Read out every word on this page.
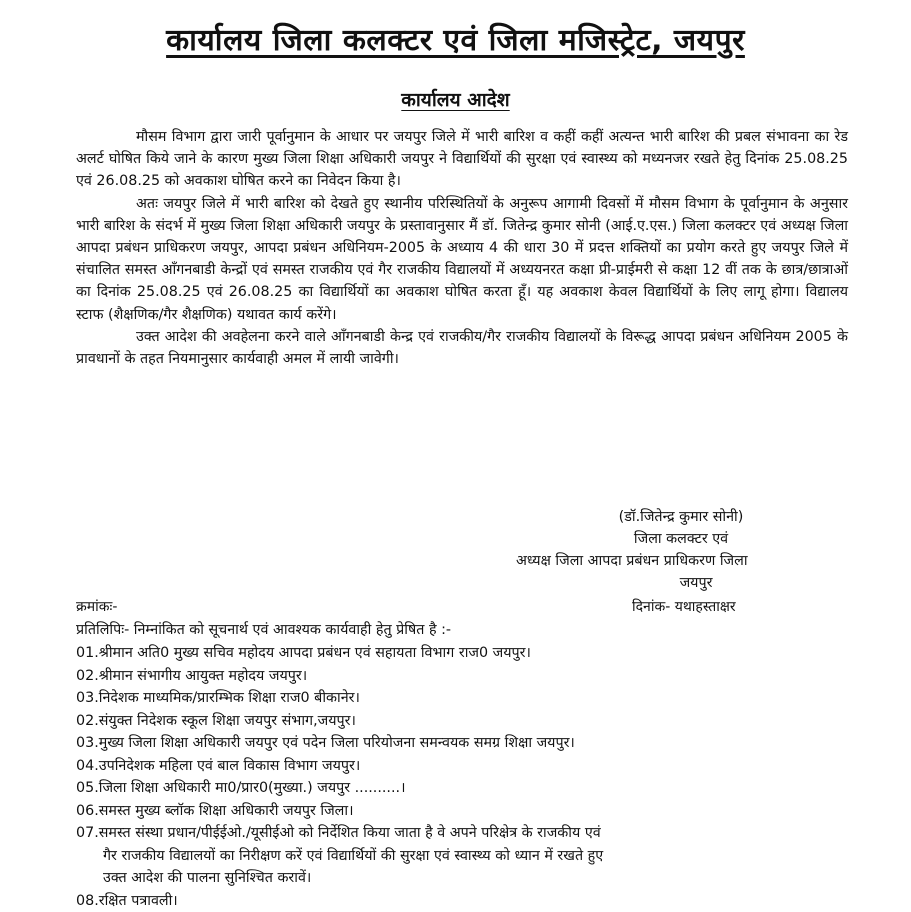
कार्यालय जिला कलक्टर एवं जिला मजिस्ट्रेट, जयपुर
कार्यालय आदेश

मौसम विभाग द्वारा जारी पूर्वानुमान के आधार पर जयपुर जिले में भारी बारिश व कहीं कहीं अत्यन्त भारी बारिश की प्रबल संभावना का रेड अलर्ट घोषित किये जाने के कारण मुख्य जिला शिक्षा अधिकारी जयपुर ने विद्यार्थियों की सुरक्षा एवं स्वास्थ्य को मध्यनजर रखते हेतु दिनांक 25.08.25 एवं 26.08.25 को अवकाश घोषित करने का निवेदन किया है।

अतः जयपुर जिले में भारी बारिश को देखते हुए स्थानीय परिस्थितियों के अनुरूप आगामी दिवसों में मौसम विभाग के पूर्वानुमान के अनुसार भारी बारिश के संदर्भ में मुख्य जिला शिक्षा अधिकारी जयपुर के प्रस्तावानुसार मैं डॉ. जितेन्द्र कुमार सोनी (आई.ए.एस.) जिला कलक्टर एवं अध्यक्ष जिला आपदा प्रबंधन प्राधिकरण जयपुर, आपदा प्रबंधन अधिनियम-2005 के अध्याय 4 की धारा 30 में प्रदत्त शक्तियों का प्रयोग करते हुए जयपुर जिले में संचालित समस्त आँगनबाडी केन्द्रों एवं समस्त राजकीय एवं गैर राजकीय विद्यालयों में अध्ययनरत कक्षा प्री-प्राईमरी से कक्षा 12 वीं तक के छात्र/छात्राओं का दिनांक 25.08.25 एवं 26.08.25 का विद्यार्थियों का अवकाश घोषित करता हूँ। यह अवकाश केवल विद्यार्थियों के लिए लागू होगा। विद्यालय स्टाफ (शैक्षणिक/गैर शैक्षणिक) यथावत कार्य करेंगे।

उक्त आदेश की अवहेलना करने वाले आँगनबाडी केन्द्र एवं राजकीय/गैर राजकीय विद्यालयों के विरूद्ध आपदा प्रबंधन अधिनियम 2005 के प्रावधानों के तहत नियमानुसार कार्यवाही अमल में लायी जावेगी।

(डॉ.जितेन्द्र कुमार सोनी)
जिला कलक्टर एवं
अध्यक्ष जिला आपदा प्रबंधन प्राधिकरण जिला
जयपुर
क्रमांकः-	दिनांक- यथाहस्ताक्षर
प्रतिलिपिः- निम्नांकित को सूचनार्थ एवं आवश्यक कार्यवाही हेतु प्रेषित है :-
01.श्रीमान अति0 मुख्य सचिव महोदय आपदा प्रबंधन एवं सहायता विभाग राज0 जयपुर।
02.श्रीमान संभागीय आयुक्त महोदय जयपुर।
03.निदेशक माध्यमिक/प्रारम्भिक शिक्षा राज0 बीकानेर।
02.संयुक्त निदेशक स्कूल शिक्षा जयपुर संभाग,जयपुर।
03.मुख्य जिला शिक्षा अधिकारी जयपुर एवं पदेन जिला परियोजना समन्वयक समग्र शिक्षा जयपुर।
04.उपनिदेशक महिला एवं बाल विकास विभाग जयपुर।
05.जिला शिक्षा अधिकारी मा0/प्रार0(मुख्या.) जयपुर ..........।
06.समस्त मुख्य ब्लॉक शिक्षा अधिकारी जयपुर जिला।
07.समस्त संस्था प्रधान/पीईईओ./यूसीईओ को निर्देशित किया जाता है वे अपने परिक्षेत्र के राजकीय एवं
गैर राजकीय विद्यालयों का निरीक्षण करें एवं विद्यार्थियों की सुरक्षा एवं स्वास्थ्य को ध्यान में रखते हुए
उक्त आदेश की पालना सुनिश्चित करावें।
08.रक्षित पत्रावली।
